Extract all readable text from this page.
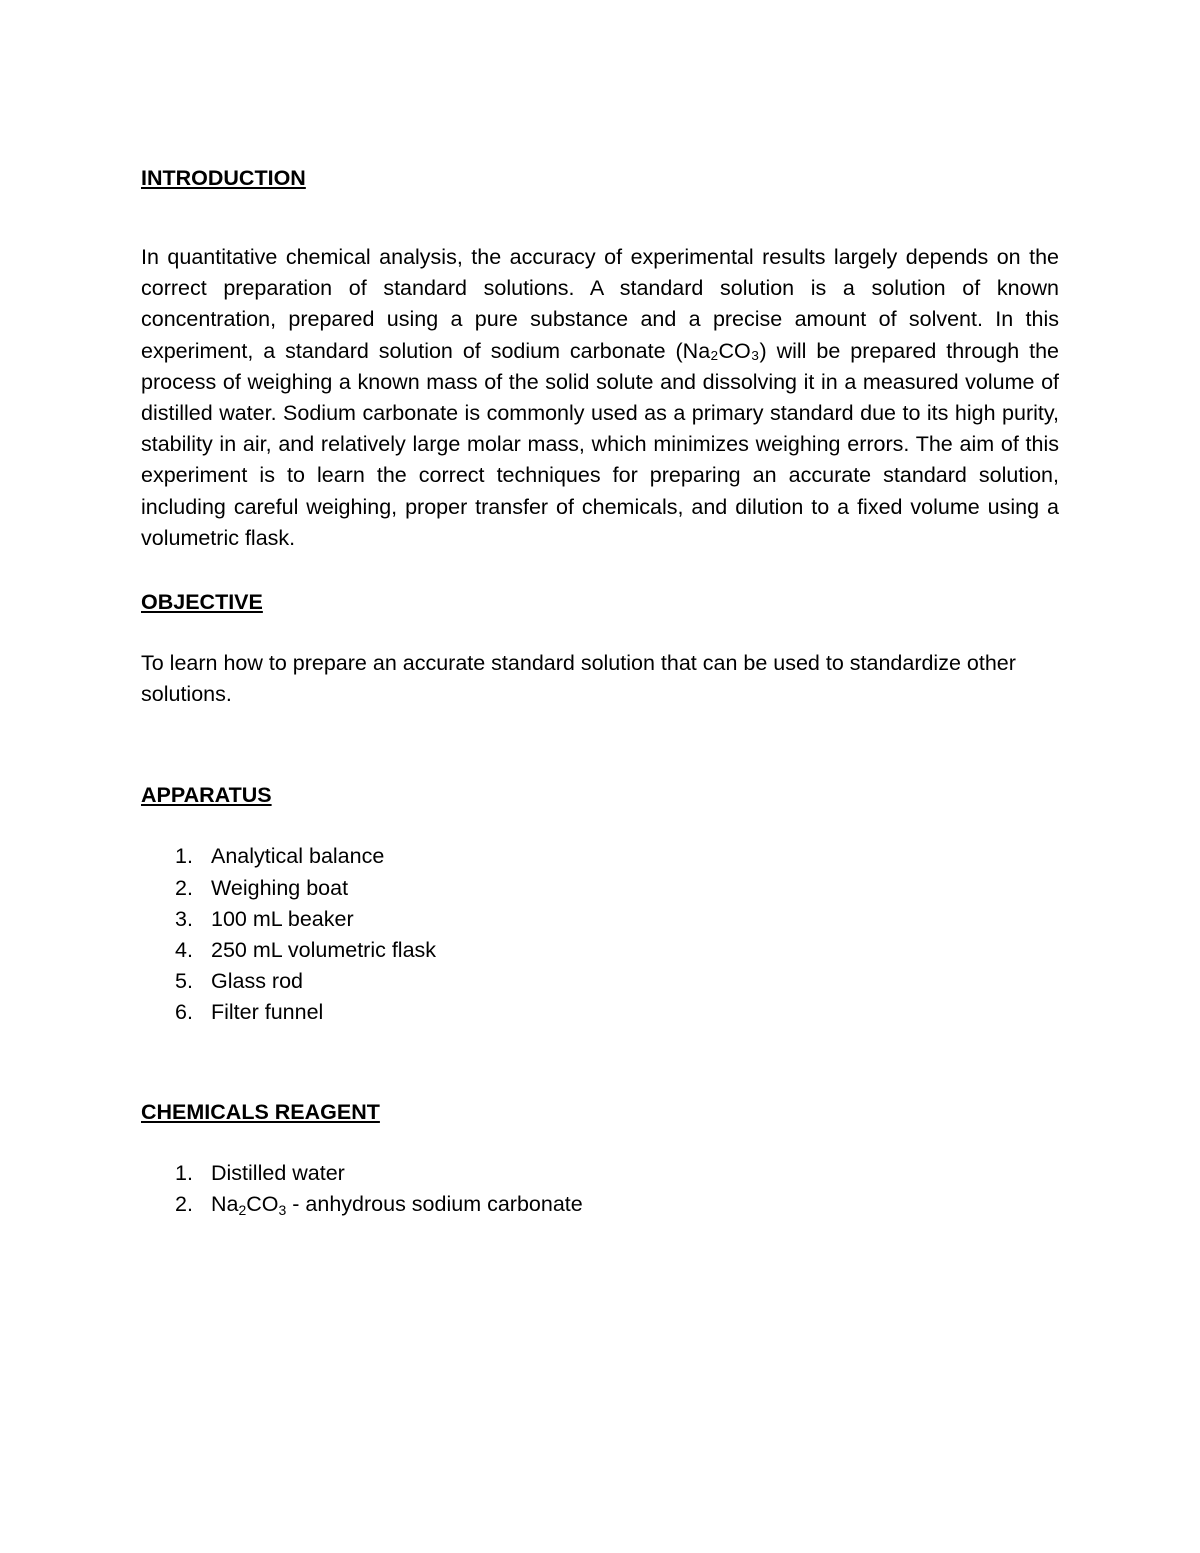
INTRODUCTION

In quantitative chemical analysis, the accuracy of experimental results largely depends on the correct preparation of standard solutions. A standard solution is a solution of known concentration, prepared using a pure substance and a precise amount of solvent. In this experiment, a standard solution of sodium carbonate (Na₂CO₃) will be prepared through the process of weighing a known mass of the solid solute and dissolving it in a measured volume of distilled water. Sodium carbonate is commonly used as a primary standard due to its high purity, stability in air, and relatively large molar mass, which minimizes weighing errors. The aim of this experiment is to learn the correct techniques for preparing an accurate standard solution, including careful weighing, proper transfer of chemicals, and dilution to a fixed volume using a volumetric flask.

OBJECTIVE

To learn how to prepare an accurate standard solution that can be used to standardize other solutions.

APPARATUS
1. Analytical balance
2. Weighing boat
3. 100 mL beaker
4. 250 mL volumetric flask
5. Glass rod
6. Filter funnel
CHEMICALS REAGENT
1. Distilled water
2. $Na_2CO_3$ - anhydrous sodium carbonate
